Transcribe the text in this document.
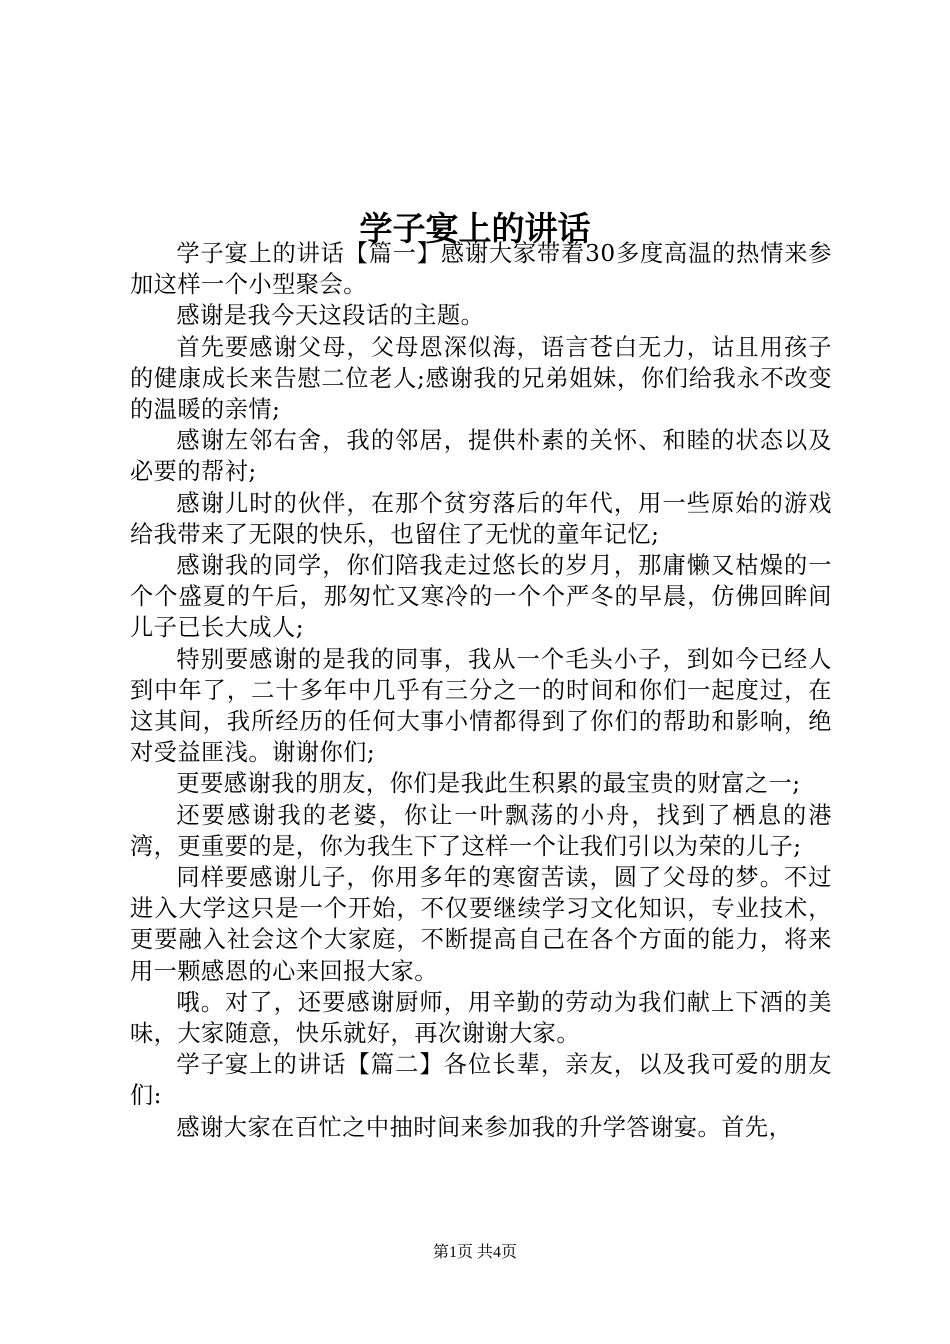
学子宴上的讲话

学子宴上的讲话【篇一】感谢大家带着30多度高温的热情来参加这样一个小型聚会。

感谢是我今天这段话的主题。

首先要感谢父母，父母恩深似海，语言苍白无力，诂且用孩子的健康成长来告慰二位老人;感谢我的兄弟姐妹，你们给我永不改变的温暖的亲情;

感谢左邻右舍，我的邻居，提供朴素的关怀、和睦的状态以及必要的帮衬;

感谢儿时的伙伴，在那个贫穷落后的年代，用一些原始的游戏给我带来了无限的快乐，也留住了无忧的童年记忆;

感谢我的同学，你们陪我走过悠长的岁月，那庸懒又枯燥的一个个盛夏的午后，那匆忙又寒冷的一个个严冬的早晨，仿佛回眸间儿子已长大成人;

特别要感谢的是我的同事，我从一个毛头小子，到如今已经人到中年了，二十多年中几乎有三分之一的时间和你们一起度过，在这其间，我所经历的任何大事小情都得到了你们的帮助和影响，绝对受益匪浅。谢谢你们;

更要感谢我的朋友，你们是我此生积累的最宝贵的财富之一;

还要感谢我的老婆，你让一叶飘荡的小舟，找到了栖息的港湾，更重要的是，你为我生下了这样一个让我们引以为荣的儿子;

同样要感谢儿子，你用多年的寒窗苦读，圆了父母的梦。不过进入大学这只是一个开始，不仅要继续学习文化知识，专业技术，更要融入社会这个大家庭，不断提高自己在各个方面的能力，将来用一颗感恩的心来回报大家。

哦。对了，还要感谢厨师，用辛勤的劳动为我们献上下酒的美味，大家随意，快乐就好，再次谢谢大家。

学子宴上的讲话【篇二】各位长辈，亲友，以及我可爱的朋友们:

感谢大家在百忙之中抽时间来参加我的升学答谢宴。首先，

第1页 共4页
